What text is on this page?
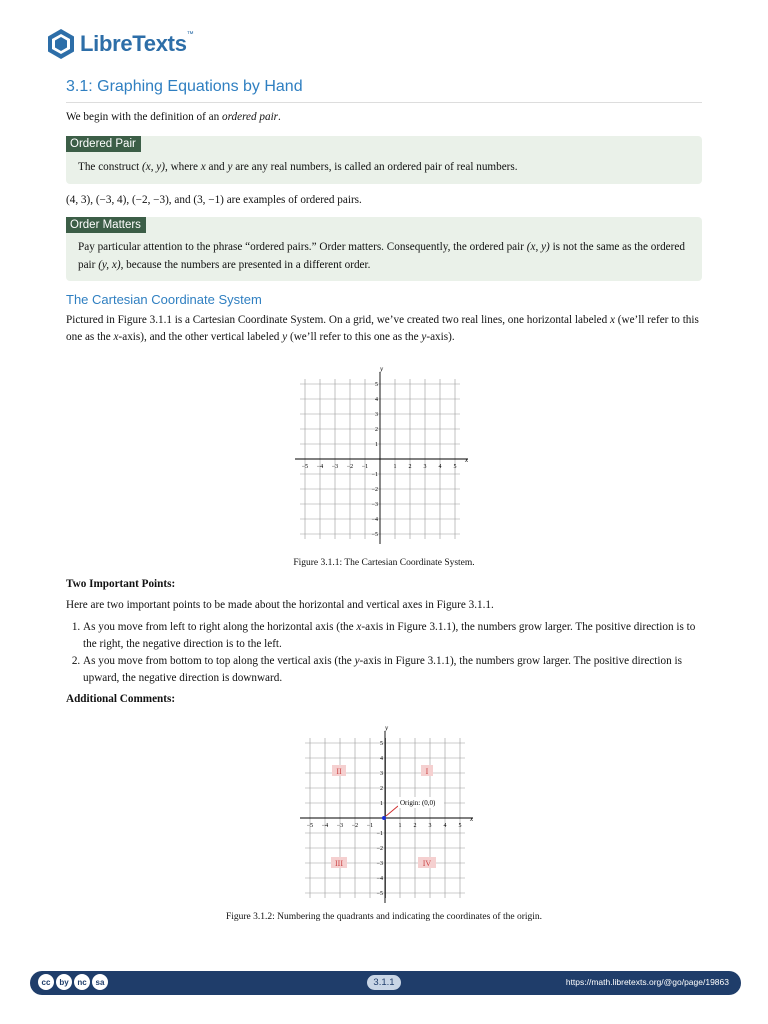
LibreTexts™
3.1: Graphing Equations by Hand

We begin with the definition of an ordered pair.

Ordered Pair
The construct (x, y), where x and y are any real numbers, is called an ordered pair of real numbers.

(4, 3), (−3, 4), (−2, −3), and (3, −1) are examples of ordered pairs.

Order Matters
Pay particular attention to the phrase “ordered pairs.” Order matters. Consequently, the ordered pair (x, y) is not the same as the ordered pair (y, x), because the numbers are presented in a different order.
The Cartesian Coordinate System

Pictured in Figure 3.1.1 is a Cartesian Coordinate System. On a grid, we’ve created two real lines, one horizontal labeled x (we’ll refer to this one as the x-axis), and the other vertical labeled y (we’ll refer to this one as the y-axis).

−5 −4 −3 −2 −1	1 2 3 4 5
5
4
3
2
1
−1
−2
−3
−4
−5
x
y
Figure 3.1.1: The Cartesian Coordinate System.
Two Important Points:

Here are two important points to be made about the horizontal and vertical axes in Figure 3.1.1.

1. As you move from left to right along the horizontal axis (the x-axis in Figure 3.1.1), the numbers grow larger. The positive direction is to the right, the negative direction is to the left.
2. As you move from bottom to top along the vertical axis (the y-axis in Figure 3.1.1), the numbers grow larger. The positive direction is upward, the negative direction is downward.
Additional Comments:
−5 −4 −3 −2 −1	1 2 3 4 5
5
4
3
2
1
−1
−2
−3
−4
−5
x
y
II	I
III	IV
Origin: (0,0)
Figure 3.1.2: Numbering the quadrants and indicating the coordinates of the origin.
cc	by	nc	sa	3.1.1	https://math.libretexts.org/@go/page/19863
